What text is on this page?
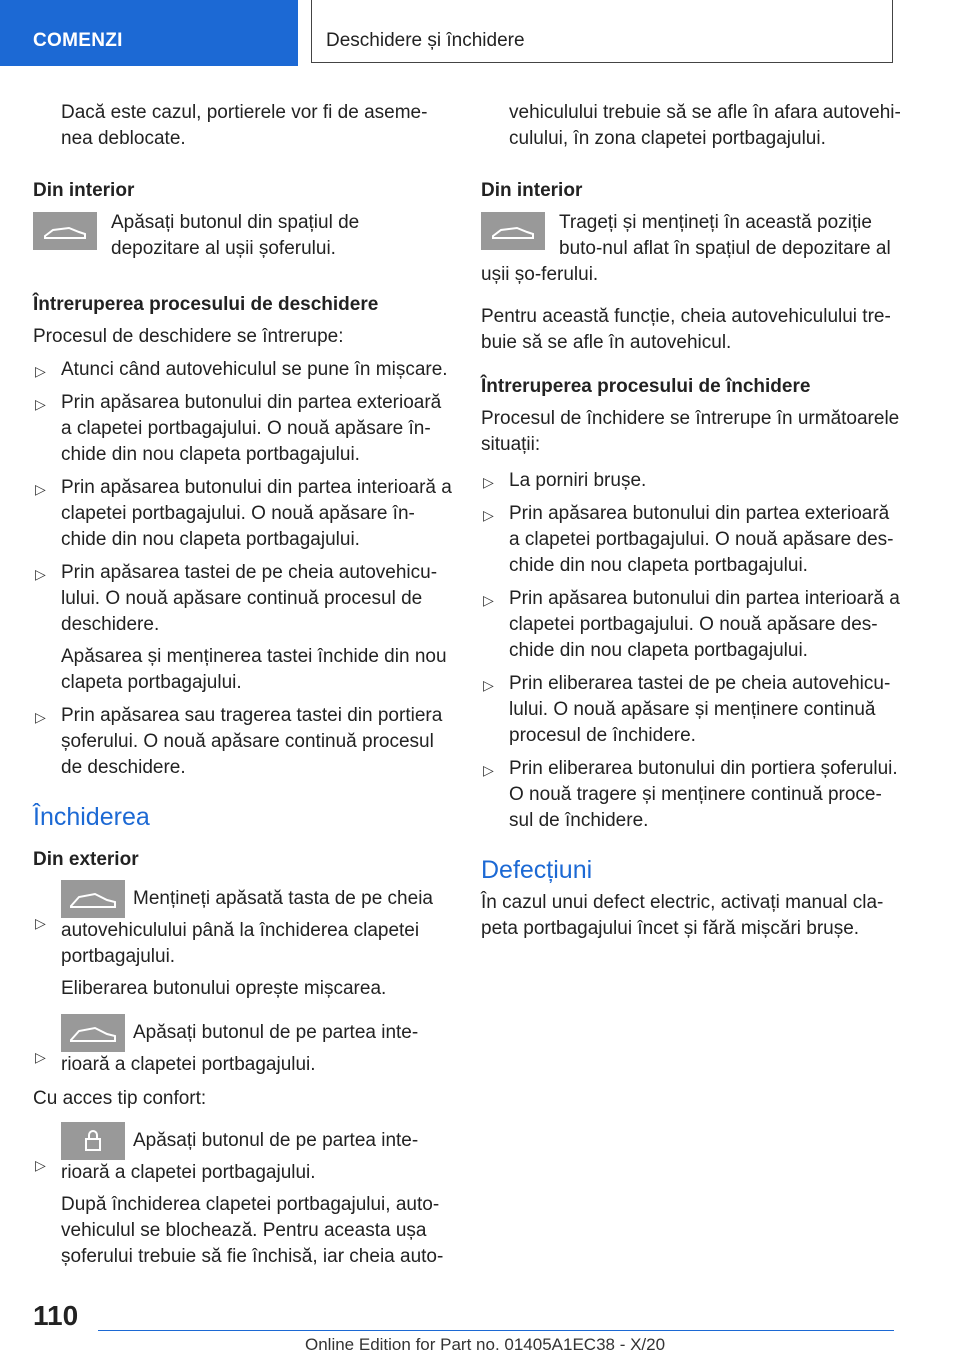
COMENZI	Deschidere și închidere

Dacă este cazul, portierele vor fi de aseme-nea deblocate.

Din interior

Apăsați butonul din spațiul de depozitare al ușii șoferului.

Întreruperea procesului de deschidere

Procesul de deschidere se întrerupe:

▷ Atunci când autovehiculul se pune în mișcare.
▷ Prin apăsarea butonului din partea exterioară a clapetei portbagajului. O nouă apăsare în-chide din nou clapeta portbagajului.
▷ Prin apăsarea butonului din partea interioară a clapetei portbagajului. O nouă apăsare în-chide din nou clapeta portbagajului.
▷ Prin apăsarea tastei de pe cheia autovehicu-lului. O nouă apăsare continuă procesul de deschidere.

Apăsarea și menținerea tastei închide din nou clapeta portbagajului.

▷ Prin apăsarea sau tragerea tastei din portiera șoferului. O nouă apăsare continuă procesul de deschidere.

Închiderea

Din exterior

▷
Mențineți apăsată tasta de pe cheia autovehiculului până la închiderea clapetei portbagajului.

Eliberarea butonului oprește mișcarea.

▷
Apăsați butonul de pe partea inte-rioară a clapetei portbagajului.

Cu acces tip confort:

▷
Apăsați butonul de pe partea inte-rioară a clapetei portbagajului.

După închiderea clapetei portbagajului, auto-vehiculul se blochează. Pentru aceasta ușa șoferului trebuie să fie închisă, iar cheia auto-

vehiculului trebuie să se afle în afara autovehi-culului, în zona clapetei portbagajului.

Din interior

Trageți și mențineți în această poziție buto-nul aflat în spațiul de depozitare al ușii șo-ferului.

Pentru această funcție, cheia autovehiculului tre-buie să se afle în autovehicul.

Întreruperea procesului de închidere

Procesul de închidere se întrerupe în următoarele situații:

▷ La porniri brușe.
▷ Prin apăsarea butonului din partea exterioară a clapetei portbagajului. O nouă apăsare des-chide din nou clapeta portbagajului.
▷ Prin apăsarea butonului din partea interioară a clapetei portbagajului. O nouă apăsare des-chide din nou clapeta portbagajului.
▷ Prin eliberarea tastei de pe cheia autovehicu-lului. O nouă apăsare și menținere continuă procesul de închidere.
▷ Prin eliberarea butonului din portiera șoferului. O nouă tragere și menținere continuă proce-sul de închidere.

Defecțiuni

În cazul unui defect electric, activați manual cla-peta portbagajului încet și fără mișcări brușe.

110
Online Edition for Part no. 01405A1EC38 - X/20
